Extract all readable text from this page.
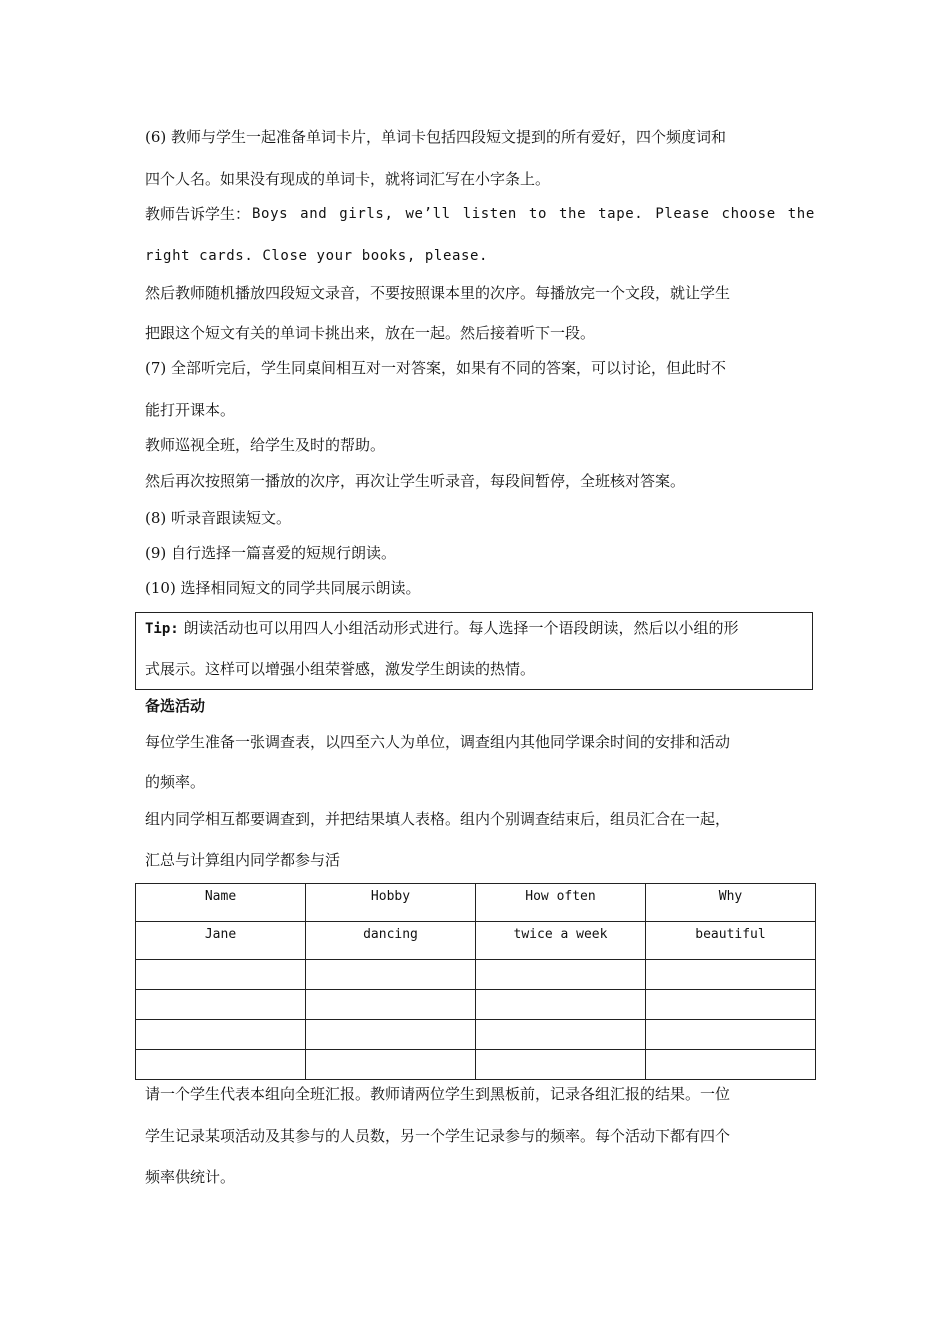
(6) 教师与学生一起准备单词卡片，单词卡包括四段短文提到的所有爱好，四个频度词和
四个人名。如果没有现成的单词卡，就将词汇写在小字条上。
教师告诉学生： Boys and girls, we’ll listen to the tape. Please choose the
right cards. Close your books, please.
然后教师随机播放四段短文录音，不要按照课本里的次序。每播放完一个文段，就让学生
把跟这个短文有关的单词卡挑出来，放在一起。然后接着听下一段。
(7) 全部听完后，学生同桌间相互对一对答案，如果有不同的答案，可以讨论，但此时不
能打开课本。
教师巡视全班，给学生及时的帮助。
然后再次按照第一播放的次序，再次让学生听录音，每段间暂停，全班核对答案。
(8) 听录音跟读短文。
(9) 自行选择一篇喜爱的短规行朗读。
(10) 选择相同短文的同学共同展示朗读。
Tip: 朗读活动也可以用四人小组活动形式进行。每人选择一个语段朗读，然后以小组的形
式展示。这样可以增强小组荣誉感，激发学生朗读的热情。
备选活动
每位学生准备一张调查表，以四至六人为单位，调查组内其他同学课余时间的安排和活动
的频率。
组内同学相互都要调查到，并把结果填人表格。组内个别调查结束后，组员汇合在一起，
汇总与计算组内同学都参与活
Name	Hobby	How often	Why
Jane	dancing	twice a week	beautiful

请一个学生代表本组向全班汇报。教师请两位学生到黑板前，记录各组汇报的结果。一位
学生记录某项活动及其参与的人员数，另一个学生记录参与的频率。每个活动下都有四个
频率供统计。
